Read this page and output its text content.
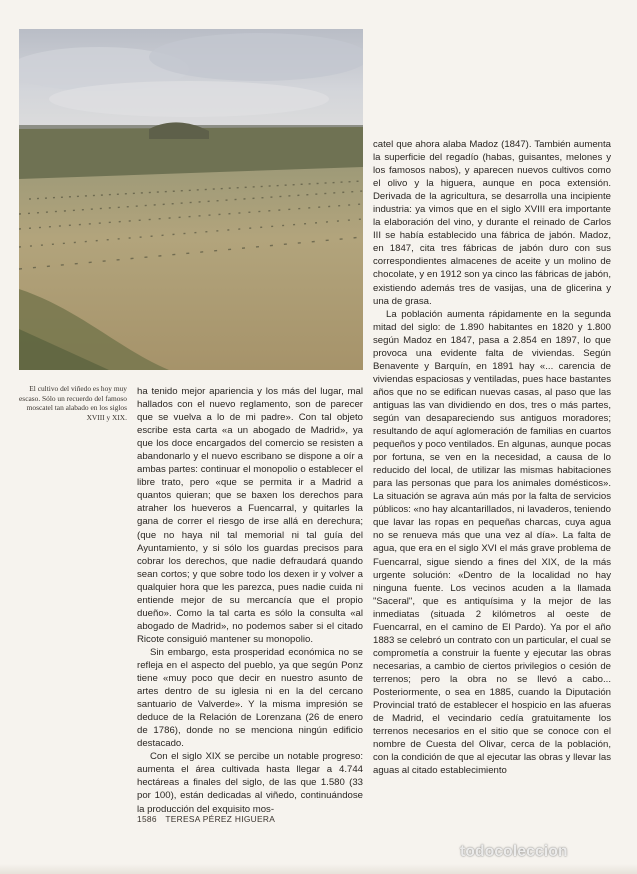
El cultivo del viñedo es hoy muy escaso. Sólo un recuerdo del famoso moscatel tan alabado en los siglos XVIII y XIX.

ha tenido mejor apariencia y los más del lugar, mal hallados con el nuevo reglamento, son de parecer que se vuelva a lo de mi padre». Con tal objeto escribe esta carta «a un abogado de Madrid», ya que los doce encargados del comercio se resisten a abandonarlo y el nuevo escribano se dispone a oír a ambas partes: continuar el monopolio o establecer el libre trato, pero «que se permita ir a Madrid a quantos quieran; que se baxen los derechos para atraher los hueveros a Fuencarral, y quitarles la gana de correr el riesgo de irse allá en derechura; (que no haya nil tal memorial ni tal guía del Ayuntamiento, y si sólo los guardas precisos para cobrar los derechos, que nadie defraudará quando sean cortos; y que sobre todo los dexen ir y volver a qualquier hora que les parezca, pues nadie cuida ni entiende mejor de su mercancía que el propio dueño». Como la tal carta es sólo la consulta «al abogado de Madrid», no podemos saber si el citado Ricote consiguió mantener su monopolio.

Sin embargo, esta prosperidad económica no se refleja en el aspecto del pueblo, ya que según Ponz tiene «muy poco que decir en nuestro asunto de artes dentro de su iglesia ni en la del cercano santuario de Valverde». Y la misma impresión se deduce de la Relación de Lorenzana (26 de enero de 1786), donde no se menciona ningún edificio destacado.

Con el siglo XIX se percibe un notable progreso: aumenta el área cultivada hasta llegar a 4.744 hectáreas a finales del siglo, de las que 1.580 (33 por 100), están dedicadas al viñedo, continuándose la producción del exquisito mos-

catel que ahora alaba Madoz (1847). También aumenta la superficie del regadío (habas, guisantes, melones y los famosos nabos), y aparecen nuevos cultivos como el olivo y la higuera, aunque en poca extensión. Derivada de la agricultura, se desarrolla una incipiente industria: ya vimos que en el siglo XVIII era importante la elaboración del vino, y durante el reinado de Carlos III se había establecido una fábrica de jabón. Madoz, en 1847, cita tres fábricas de jabón duro con sus correspondientes almacenes de aceite y un molino de chocolate, y en 1912 son ya cinco las fábricas de jabón, existiendo además tres de vasijas, una de glicerina y una de grasa.

La población aumenta rápidamente en la segunda mitad del siglo: de 1.890 habitantes en 1820 y 1.800 según Madoz en 1847, pasa a 2.854 en 1897, lo que provoca una evidente falta de viviendas. Según Benavente y Barquín, en 1891 hay «... carencia de viviendas espaciosas y ventiladas, pues hace bastantes años que no se edifican nuevas casas, al paso que las antiguas las van dividiendo en dos, tres o más partes, según van desapareciendo sus antiguos moradores; resultando de aquí aglomeración de familias en cuartos pequeños y poco ventilados. En algunas, aunque pocas por fortuna, se ven en la necesidad, a causa de lo reducido del local, de utilizar las mismas habitaciones para las personas que para los animales domésticos». La situación se agrava aún más por la falta de servicios públicos: «no hay alcantarillados, ni lavaderos, teniendo que lavar las ropas en pequeñas charcas, cuya agua no se renueva más que una vez al día». La falta de agua, que era en el siglo XVI el más grave problema de Fuencarral, sigue siendo a fines del XIX, de la más urgente solución: «Dentro de la localidad no hay ninguna fuente. Los vecinos acuden a la llamada "Saceral", que es antiquísima y la mejor de las inmediatas (situada 2 kilómetros al oeste de Fuencarral, en el camino de El Pardo). Ya por el año 1883 se celebró un contrato con un particular, el cual se comprometía a construir la fuente y ejecutar las obras necesarias, a cambio de ciertos privilegios o cesión de terrenos; pero la obra no se llevó a cabo... Posteriormente, o sea en 1885, cuando la Diputación Provincial trató de establecer el hospicio en las afueras de Madrid, el vecindario cedía gratuitamente los terrenos necesarios en el sitio que se conoce con el nombre de Cuesta del Olivar, cerca de la población, con la condición de que al ejecutar las obras y llevar las aguas al citado establecimiento

1586 TERESA PÉREZ HIGUERA
todocoleccion
